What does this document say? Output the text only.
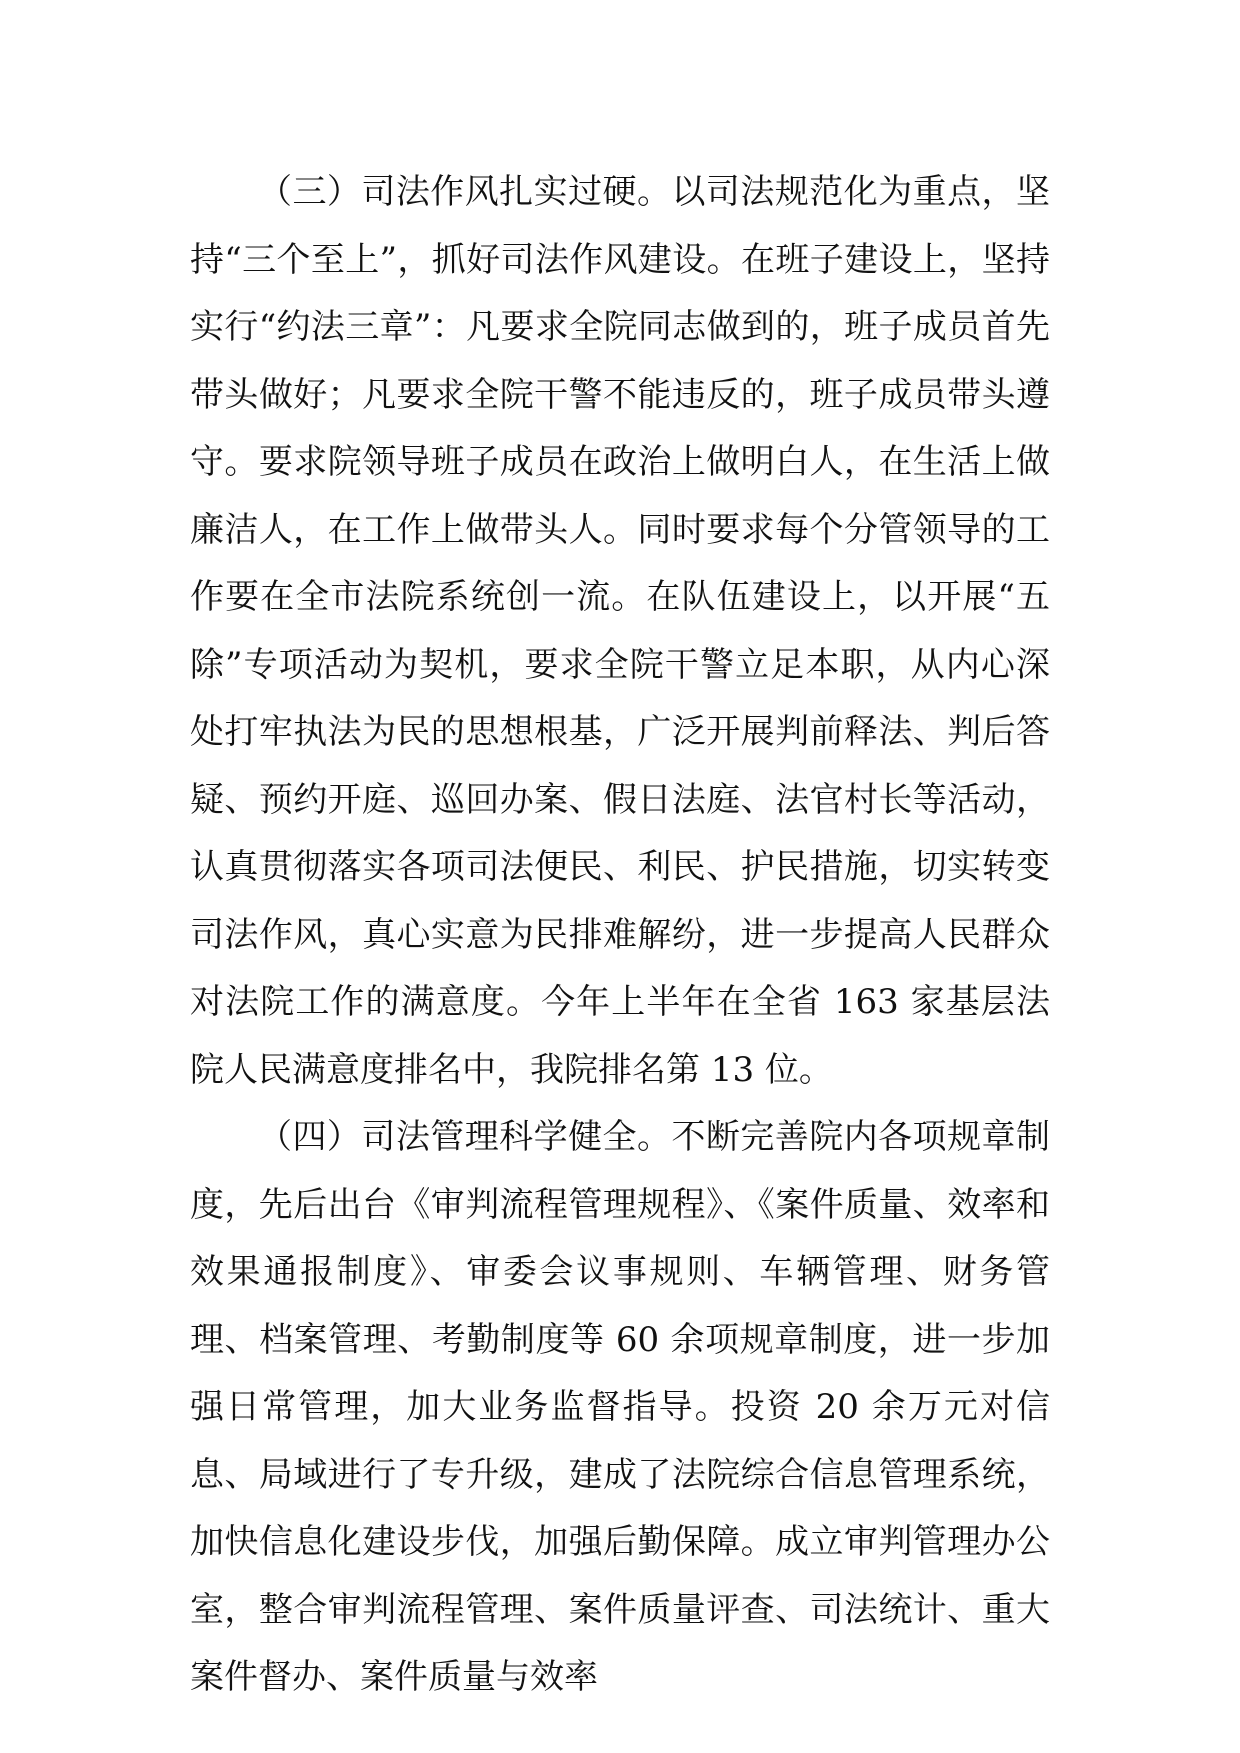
（三）司法作风扎实过硬。以司法规范化为重点，坚持“三个至上”，抓好司法作风建设。在班子建设上，坚持实行“约法三章”：凡要求全院同志做到的，班子成员首先带头做好；凡要求全院干警不能违反的，班子成员带头遵守。要求院领导班子成员在政治上做明白人，在生活上做廉洁人，在工作上做带头人。同时要求每个分管领导的工作要在全市法院系统创一流。在队伍建设上，以开展“五除”专项活动为契机，要求全院干警立足本职，从内心深处打牢执法为民的思想根基，广泛开展判前释法、判后答疑、预约开庭、巡回办案、假日法庭、法官村长等活动，认真贯彻落实各项司法便民、利民、护民措施，切实转变司法作风，真心实意为民排难解纷，进一步提高人民群众对法院工作的满意度。今年上半年在全省 163 家基层法院人民满意度排名中，我院排名第 13 位。

（四）司法管理科学健全。不断完善院内各项规章制度，先后出台《审判流程管理规程》、《案件质量、效率和效果通报制度》、审委会议事规则、车辆管理、财务管理、档案管理、考勤制度等 60 余项规章制度，进一步加强日常管理，加大业务监督指导。投资 20 余万元对信息、局域进行了专升级，建成了法院综合信息管理系统，加快信息化建设步伐，加强后勤保障。成立审判管理办公室，整合审判流程管理、案件质量评查、司法统计、重大案件督办、案件质量与效率
